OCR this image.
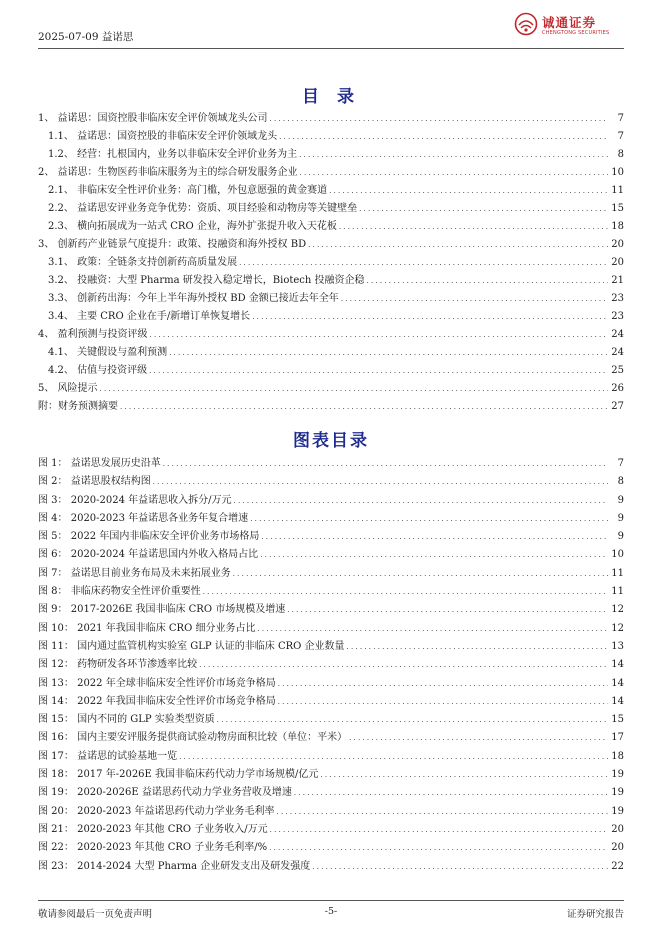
2025-07-09 益诺思
诚通证券
CHENGTONG SECURITIES
目 录
1、 益诺思：国资控股非临床安全评价领域龙头公司 . . .	7
1.1、 益诺思：国资控股的非临床安全评价领域龙头 . . .	7
1.2、 经营：扎根国内，业务以非临床安全评价业务为主 . . .	8
2、 益诺思：生物医药非临床服务为主的综合研发服务企业 . . .	10
2.1、 非临床安全性评价业务：高门槛，外包意愿强的黄金赛道 . . .	11
2.2、 益诺思安评业务竞争优势：资质、项目经验和动物房等关键壁垒 . . .	15
2.3、 横向拓展成为一站式 CRO 企业，海外扩张提升收入天花板 . . .	18
3、 创新药产业链景气度提升：政策、投融资和海外授权 BD . . .	20
3.1、 政策：全链条支持创新药高质量发展 . . .	20
3.2、 投融资：大型 Pharma 研发投入稳定增长，Biotech 投融资企稳 . . .	21
3.3、 创新药出海：今年上半年海外授权 BD 金额已接近去年全年 . . .	23
3.4、 主要 CRO 企业在手/新增订单恢复增长 . . .	23
4、 盈利预测与投资评级 . . .	24
4.1、 关键假设与盈利预测 . . .	24
4.2、 估值与投资评级 . . .	25
5、 风险提示 . . .	26
附：财务预测摘要 . . .	27
图表目录
图 1： 益诺思发展历史沿革 . . .	7
图 2： 益诺思股权结构图 . . .	8
图 3： 2020-2024 年益诺思收入拆分/万元 . . .	9
图 4： 2020-2023 年益诺思各业务年复合增速 . . .	9
图 5： 2022 年国内非临床安全评价业务市场格局 . . .	9
图 6： 2020-2024 年益诺思国内外收入格局占比 . . .	10
图 7： 益诺思目前业务布局及未来拓展业务 . . .	11
图 8： 非临床药物安全性评价重要性 . . .	11
图 9： 2017-2026E 我国非临床 CRO 市场规模及增速 . . .	12
图 10： 2021 年我国非临床 CRO 细分业务占比 . . .	12
图 11： 国内通过监管机构实验室 GLP 认证的非临床 CRO 企业数量 . . .	13
图 12： 药物研发各环节渗透率比较 . . .	14
图 13： 2022 年全球非临床安全性评价市场竞争格局 . . .	14
图 14： 2022 年我国非临床安全性评价市场竞争格局 . . .	14
图 15： 国内不同的 GLP 实验类型资质 . . .	15
图 16： 国内主要安评服务提供商试验动物房面积比较（单位：平米） . . .	17
图 17： 益诺思的试验基地一览 . . .	18
图 18： 2017 年-2026E 我国非临床药代动力学市场规模/亿元 . . .	19
图 19： 2020-2026E 益诺思药代动力学业务营收及增速 . . .	19
图 20： 2020-2023 年益诺思药代动力学业务毛利率 . . .	19
图 21： 2020-2023 年其他 CRO 子业务收入/万元 . . .	20
图 22： 2020-2023 年其他 CRO 子业务毛利率/% . . .	20
图 23： 2014-2024 大型 Pharma 企业研发支出及研发强度 . . .	22
敬请参阅最后一页免责声明	-5-	证券研究报告
